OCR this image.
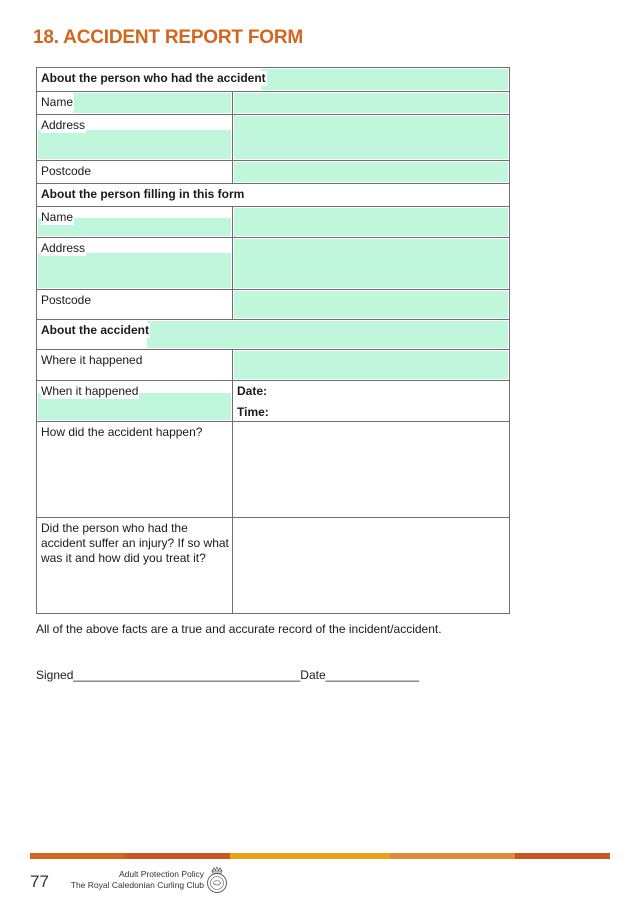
18. ACCIDENT REPORT FORM
About the person who had the accident
Name
Address
Postcode
About the person filling in this form
Name
Address
Postcode
About the accident
Where it happened
When it happened	Date:
Time:
How did the accident happen?
Did the person who had the accident suffer an injury? If so what was it and how did you treat it?
All of the above facts are a true and accurate record of the incident/accident.
Signed__________________________________Date______________
77	Adult Protection Policy
The Royal Caledonian Curling Club
